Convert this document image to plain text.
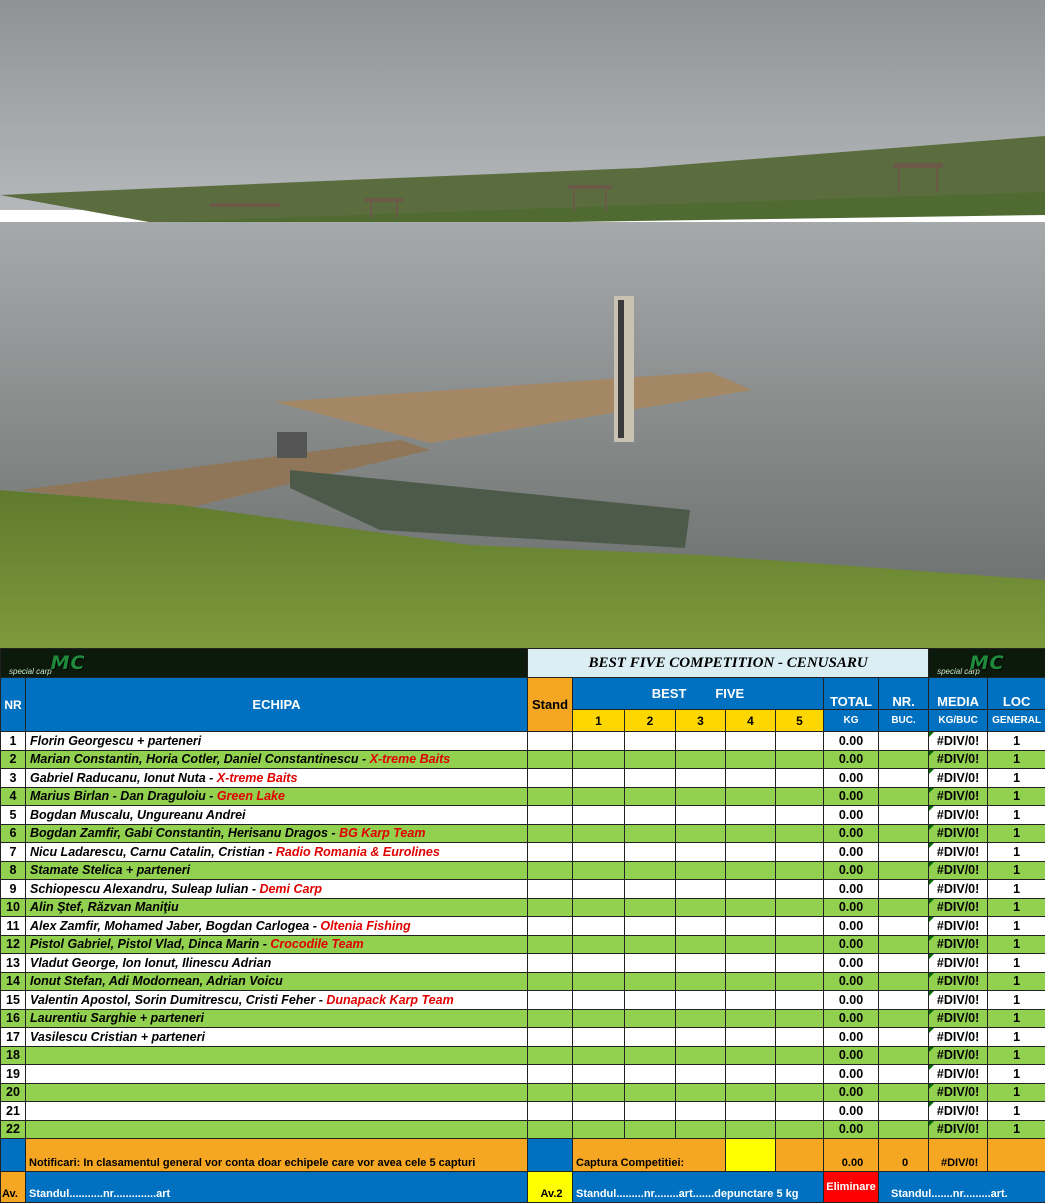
MC
special carp		BEST FIVE COMPETITION - CENUSARU								MC
special carp	

NR	ECHIPA	Stand	BEST FIVE					TOTAL	NR.	MEDIA	LOC
			1	2	3	4	5	KG	BUC.	KG/BUC	GENERAL
1	Florin Georgescu + parteneri							0.00		#DIV/0!	1
2	Marian Constantin, Horia Cotler, Daniel Constantinescu - X-treme Baits							0.00		#DIV/0!	1
3	Gabriel Raducanu, Ionut Nuta - X-treme Baits							0.00		#DIV/0!	1
4	Marius Birlan - Dan Draguloiu - Green Lake							0.00		#DIV/0!	1
5	Bogdan Muscalu, Ungureanu Andrei							0.00		#DIV/0!	1
6	Bogdan Zamfir, Gabi Constantin, Herisanu Dragos - BG Karp Team							0.00		#DIV/0!	1
7	Nicu Ladarescu, Carnu Catalin, Cristian - Radio Romania & Eurolines							0.00		#DIV/0!	1
8	Stamate Stelica + parteneri							0.00		#DIV/0!	1
9	Schiopescu Alexandru, Suleap Iulian - Demi Carp							0.00		#DIV/0!	1
10	Alin Ştef, Răzvan Maniţiu							0.00		#DIV/0!	1
11	Alex Zamfir, Mohamed Jaber, Bogdan Carlogea - Oltenia Fishing							0.00		#DIV/0!	1
12	Pistol Gabriel, Pistol Vlad, Dinca Marin - Crocodile Team							0.00		#DIV/0!	1
13	Vladut George, Ion Ionut, Ilinescu Adrian							0.00		#DIV/0!	1
14	Ionut Stefan, Adi Modornean, Adrian Voicu							0.00		#DIV/0!	1
15	Valentin Apostol, Sorin Dumitrescu, Cristi Feher - Dunapack Karp Team							0.00		#DIV/0!	1
16	Laurentiu Sarghie + parteneri							0.00		#DIV/0!	1
17	Vasilescu Cristian + parteneri							0.00		#DIV/0!	1
18								0.00		#DIV/0!	1
19								0.00		#DIV/0!	1
20								0.00		#DIV/0!	1
21								0.00		#DIV/0!	1
22								0.00		#DIV/0!	1
	Notificari: In clasamentul general vor conta doar echipele care vor avea cele 5 capturi		Captura Competitiei:					0.00	0	#DIV/0!	
Av.	Standul...........nr..............art	Av.2	Standul.........nr........art.......depunctare 5 kg					Eliminare	Standul.......nr.........art.		
